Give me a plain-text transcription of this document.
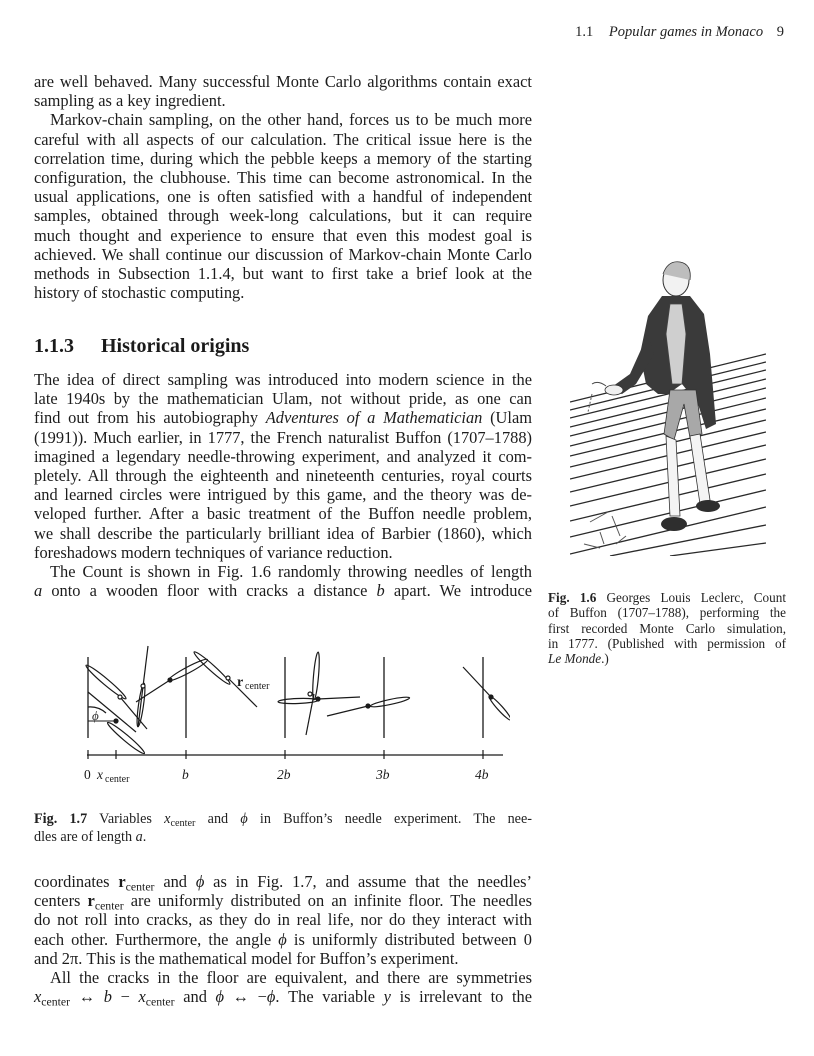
1.1 Popular games in Monaco 9

are well behaved. Many successful Monte Carlo algorithms contain exact
sampling as a key ingredient.

Markov-chain sampling, on the other hand, forces us to be much more
careful with all aspects of our calculation. The critical issue here is the
correlation time, during which the pebble keeps a memory of the starting
configuration, the clubhouse. This time can become astronomical. In the
usual applications, one is often satisfied with a handful of independent
samples, obtained through week-long calculations, but it can require
much thought and experience to ensure that even this modest goal is
achieved. We shall continue our discussion of Markov-chain Monte Carlo
methods in Subsection 1.1.4, but want to first take a brief look at the
history of stochastic computing.

1.1.3 Historical origins

The idea of direct sampling was introduced into modern science in the
late 1940s by the mathematician Ulam, not without pride, as one can
find out from his autobiography Adventures of a Mathematician (Ulam
(1991)). Much earlier, in 1777, the French naturalist Buffon (1707–1788)
imagined a legendary needle-throwing experiment, and analyzed it com-
pletely. All through the eighteenth and nineteenth centuries, royal courts
and learned circles were intrigued by this game, and the theory was de-
veloped further. After a basic treatment of the Buffon needle problem,
we shall describe the particularly brilliant idea of Barbier (1860), which
foreshadows modern techniques of variance reduction.

The Count is shown in Fig. 1.6 randomly throwing needles of length
a onto a wooden floor with cracks a distance b apart. We introduce Fig. 1.6 Georges Louis Leclerc, Count
of Buffon (1707–1788), performing the
first recorded Monte Carlo simulation,
in 1777. (Published with permission of
Le Monde.)
ϕ
r center
0 x center	b	2b	3b	4b
Fig. 1.7 Variables $x_{center}$ and ϕ in Buffon’s needle experiment. The nee-
dles are of length a.

coordinates $r_{center}$ and ϕ as in Fig. 1.7, and assume that the needles’
centers $r_{center}$ are uniformly distributed on an infinite floor. The needles
do not roll into cracks, as they do in real life, nor do they interact with
each other. Furthermore, the angle ϕ is uniformly distributed between 0
and 2π. This is the mathematical model for Buffon’s experiment.

All the cracks in the floor are equivalent, and there are symmetries
$x_{center}$ ↔ $b - x_{center}$ and ϕ ↔ −ϕ. The variable y is irrelevant to the
